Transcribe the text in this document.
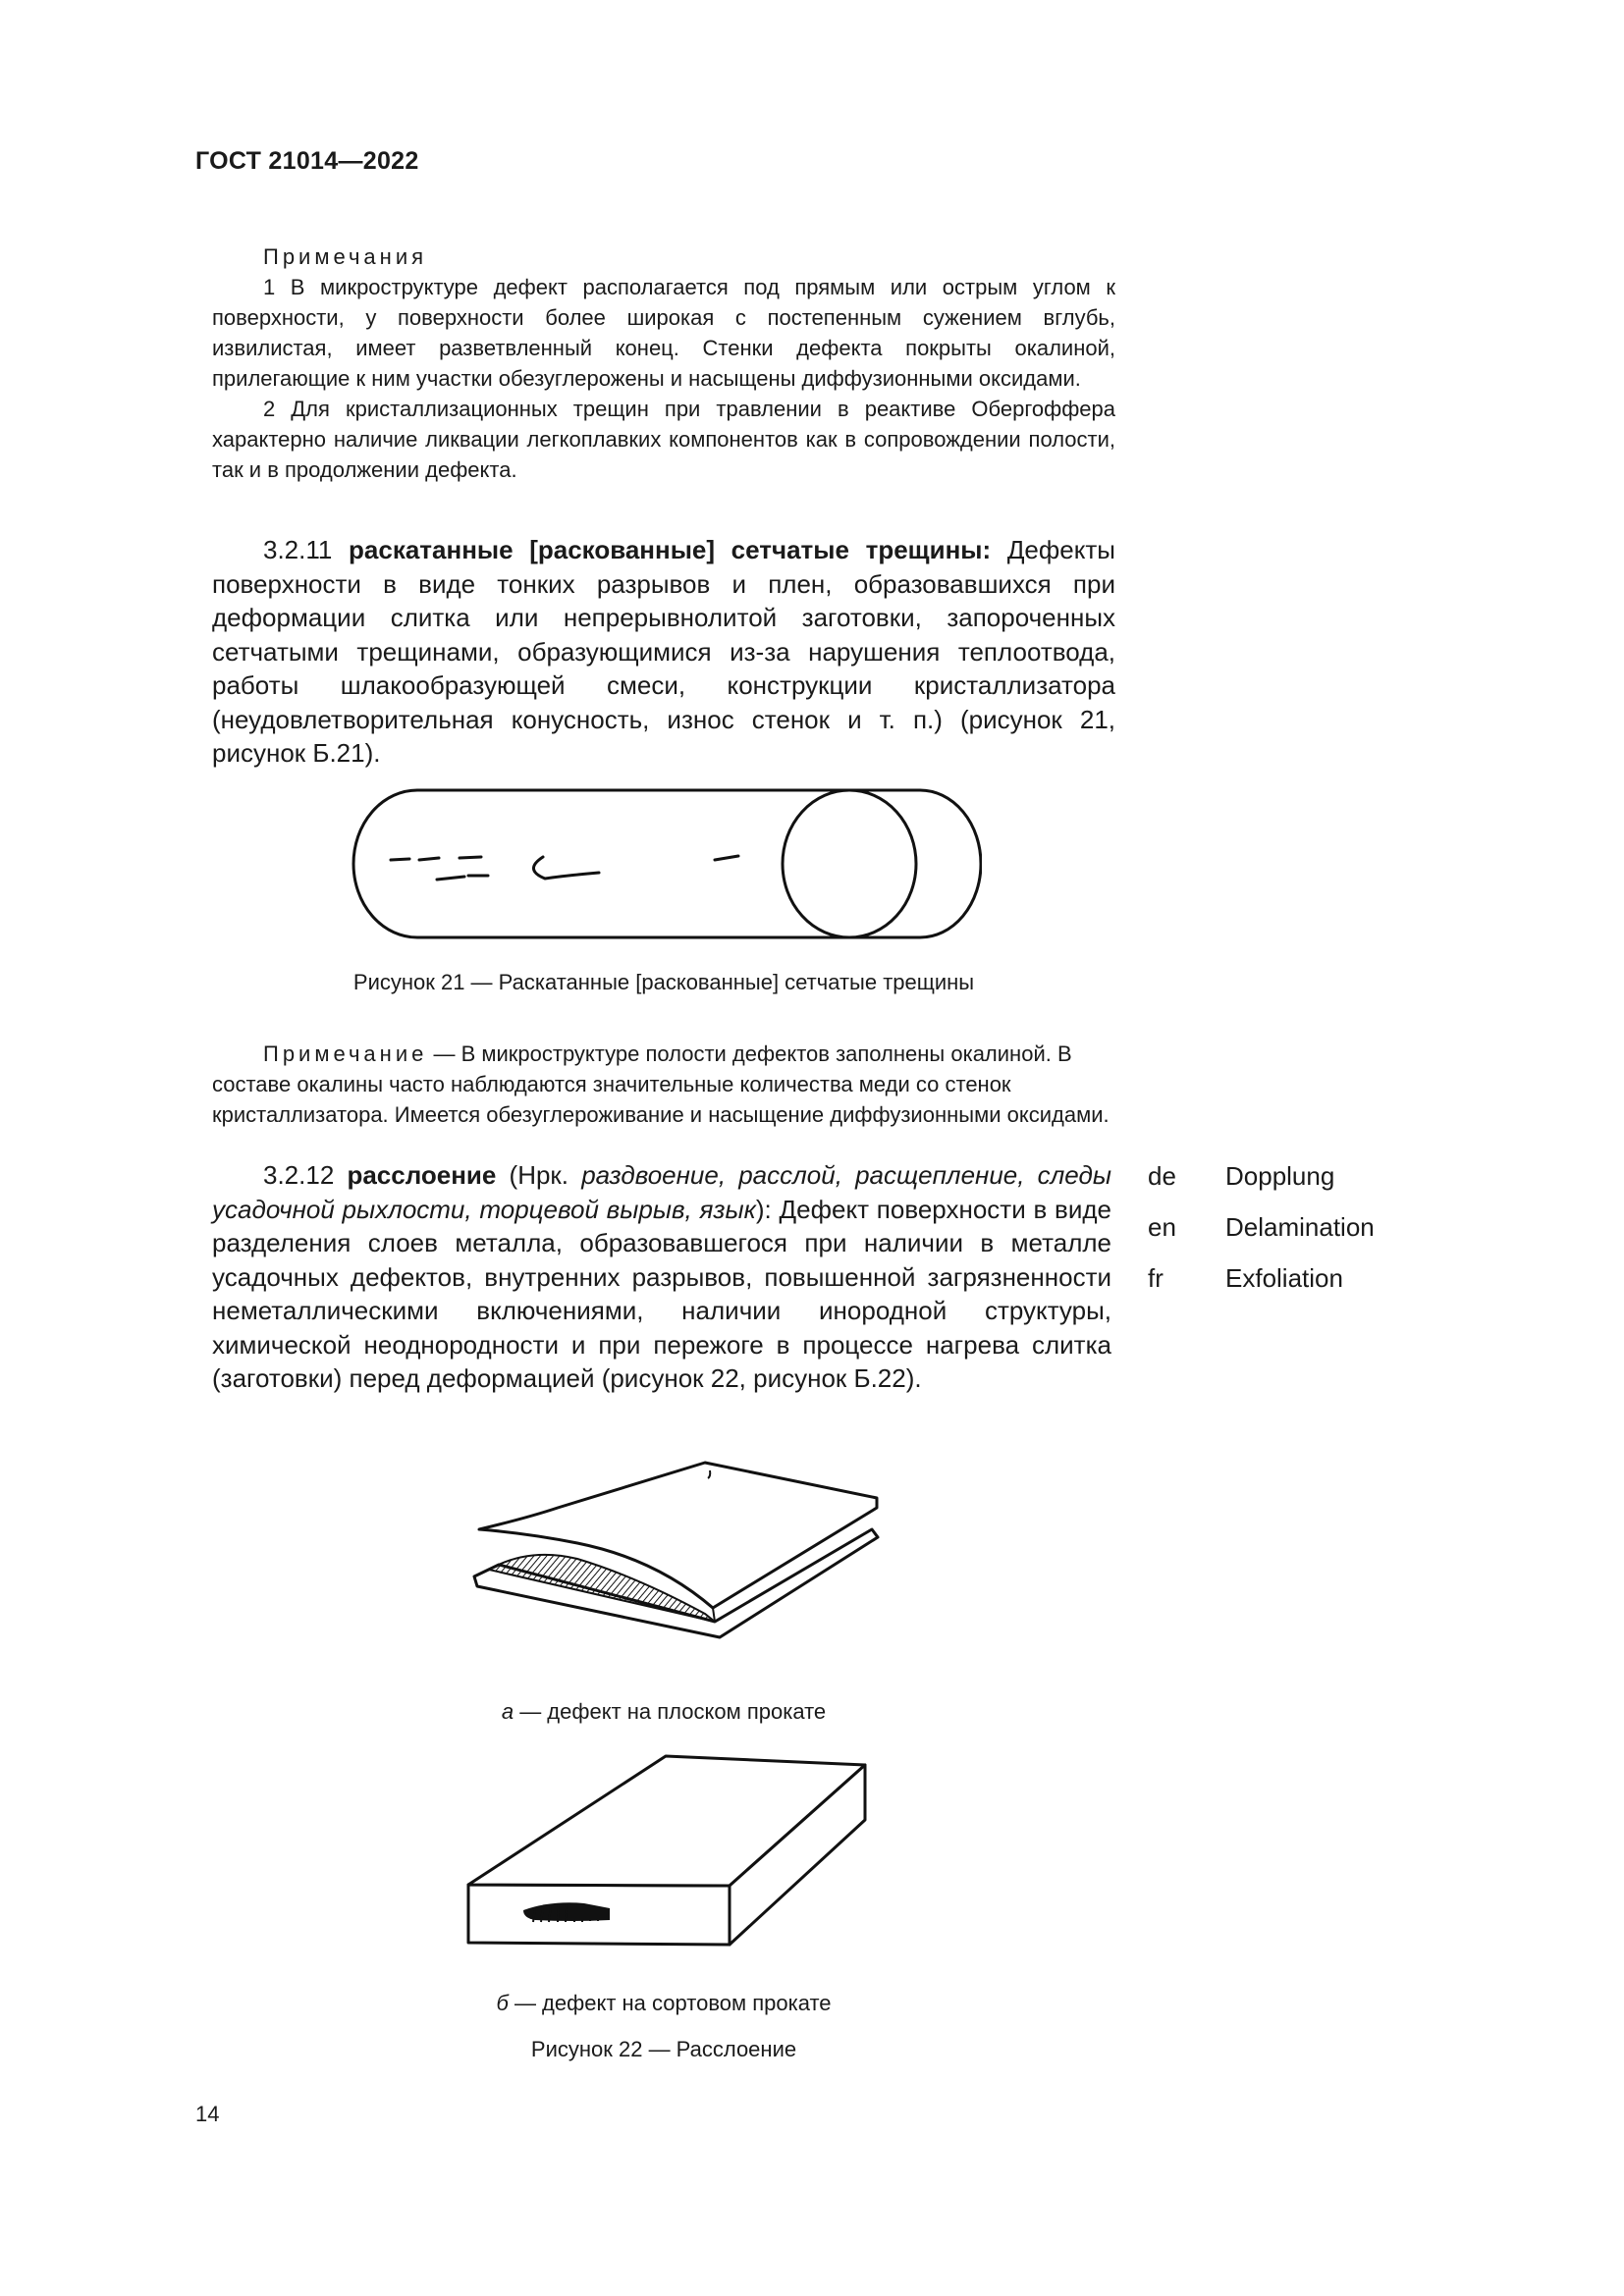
ГОСТ 21014—2022

Примечания

1 В микроструктуре дефект располагается под прямым или острым углом к поверхности, у поверхности более широкая с постепенным сужением вглубь, извилистая, имеет разветвленный конец. Стенки дефекта покрыты окалиной, прилегающие к ним участки обезуглерожены и насыщены диффузионными оксидами.

2 Для кристаллизационных трещин при травлении в реактиве Обергоффера характерно наличие ликвации легкоплавких компонентов как в сопровождении полости, так и в продолжении дефекта.

3.2.11 раскатанные [раскованные] сетчатые трещины: Дефекты поверхности в виде тонких разрывов и плен, образовавшихся при деформации слитка или непрерывнолитой заготовки, запороченных сетчатыми трещинами, образующимися из-за нарушения теплоотвода, работы шлакообразующей смеси, конструкции кристаллизатора (неудовлетворительная конусность, износ стенок и т. п.) (рисунок 21, рисунок Б.21).

Рисунок 21 — Раскатанные [раскованные] сетчатые трещины

Примечание — В микроструктуре полости дефектов заполнены окалиной. В составе окалины часто наблюдаются значительные количества меди со стенок кристаллизатора. Имеется обезуглероживание и насыщение диффузионными оксидами.

3.2.12 расслоение (Нрк. раздвоение, расслой, расщепление, следы усадочной рыхлости, торцевой вырыв, язык): Дефект поверхности в виде разделения слоев металла, образовавшегося при наличии в металле усадочных дефектов, внутренних разрывов, повышенной загрязненности неметаллическими включениями, наличии инородной структуры, химической неоднородности и при пережоге в процессе нагрева слитка (заготовки) перед деформацией (рисунок 22, рисунок Б.22).

de Dopplung
en Delamination
fr Exfoliation
а — дефект на плоском прокате
б — дефект на сортовом прокате
Рисунок 22 — Расслоение
14
